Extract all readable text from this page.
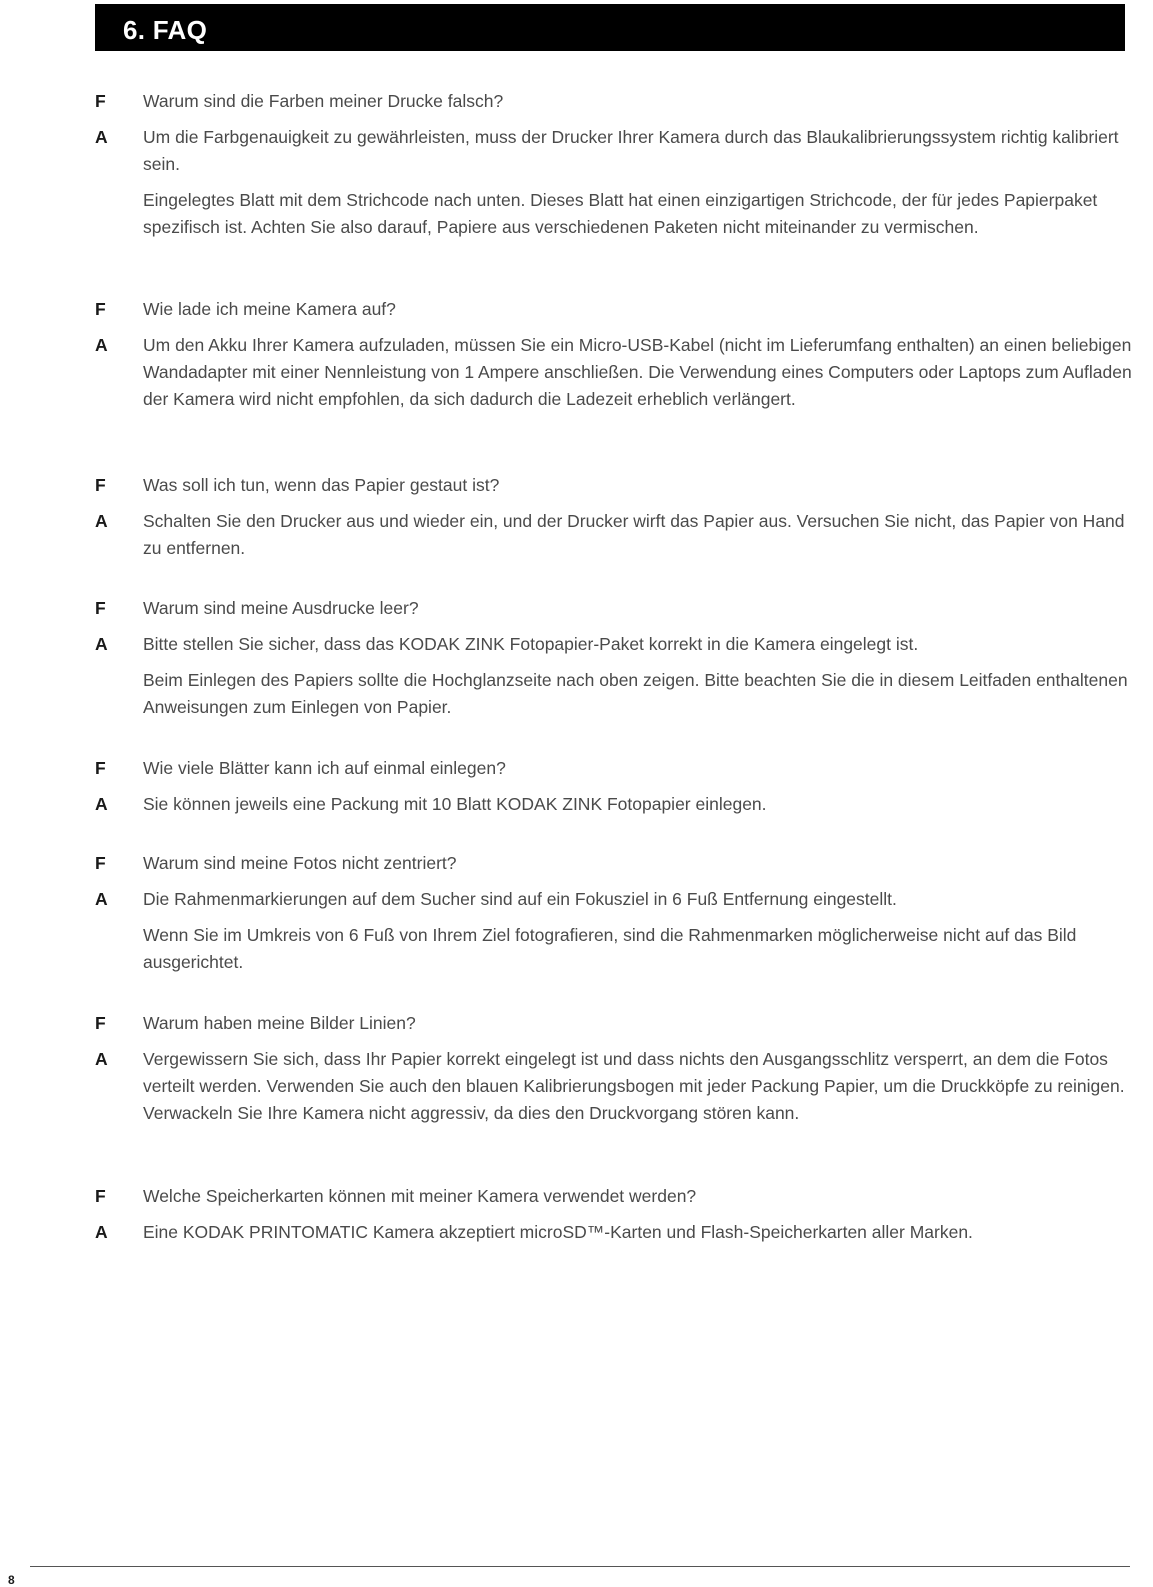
6. FAQ
F	Warum sind die Farben meiner Drucke falsch?
A	Um die Farbgenauigkeit zu gewährleisten, muss der Drucker Ihrer Kamera durch das Blaukalibrierungssystem richtig kalibriert sein.
Eingelegtes Blatt mit dem Strichcode nach unten. Dieses Blatt hat einen einzigartigen Strichcode, der für jedes Papierpaket spezifisch ist. Achten Sie also darauf, Papiere aus verschiedenen Paketen nicht miteinander zu vermischen.
F	Wie lade ich meine Kamera auf?
A	Um den Akku Ihrer Kamera aufzuladen, müssen Sie ein Micro-USB-Kabel (nicht im Lieferumfang enthalten) an einen beliebigen Wandadapter mit einer Nennleistung von 1 Ampere anschließen. Die Verwendung eines Computers oder Laptops zum Aufladen der Kamera wird nicht empfohlen, da sich dadurch die Ladezeit erheblich verlängert.
F	Was soll ich tun, wenn das Papier gestaut ist?
A	Schalten Sie den Drucker aus und wieder ein, und der Drucker wirft das Papier aus. Versuchen Sie nicht, das Papier von Hand zu entfernen.
F	Warum sind meine Ausdrucke leer?
A	Bitte stellen Sie sicher, dass das KODAK ZINK Fotopapier-Paket korrekt in die Kamera eingelegt ist.
Beim Einlegen des Papiers sollte die Hochglanzseite nach oben zeigen. Bitte beachten Sie die in diesem Leitfaden enthaltenen Anweisungen zum Einlegen von Papier.
F	Wie viele Blätter kann ich auf einmal einlegen?
A	Sie können jeweils eine Packung mit 10 Blatt KODAK ZINK Fotopapier einlegen.
F	Warum sind meine Fotos nicht zentriert?
A	Die Rahmenmarkierungen auf dem Sucher sind auf ein Fokusziel in 6 Fuß Entfernung eingestellt.
Wenn Sie im Umkreis von 6 Fuß von Ihrem Ziel fotografieren, sind die Rahmenmarken möglicherweise nicht auf das Bild ausgerichtet.
F	Warum haben meine Bilder Linien?
A	Vergewissern Sie sich, dass Ihr Papier korrekt eingelegt ist und dass nichts den Ausgangsschlitz versperrt, an dem die Fotos verteilt werden. Verwenden Sie auch den blauen Kalibrierungsbogen mit jeder Packung Papier, um die Druckköpfe zu reinigen. Verwackeln Sie Ihre Kamera nicht aggressiv, da dies den Druckvorgang stören kann.
F	Welche Speicherkarten können mit meiner Kamera verwendet werden?
A	Eine KODAK PRINTOMATIC Kamera akzeptiert microSD™-Karten und Flash-Speicherkarten aller Marken.
8
